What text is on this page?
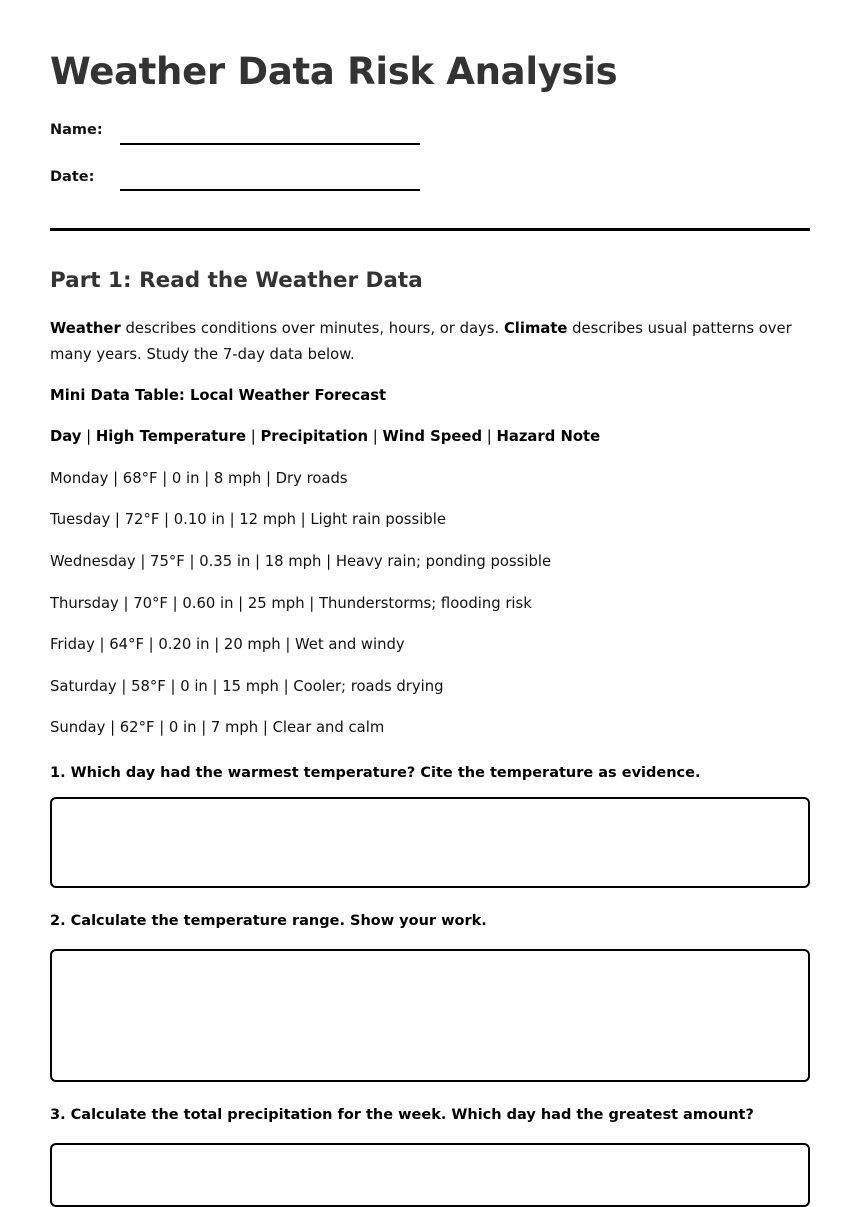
Weather Data Risk Analysis
Name:
Date:
Part 1: Read the Weather Data
Weather describes conditions over minutes, hours, or days. Climate describes usual patterns over many years. Study the 7-day data below.
Mini Data Table: Local Weather Forecast
Day | High Temperature | Precipitation | Wind Speed | Hazard Note
Monday | 68°F | 0 in | 8 mph | Dry roads
Tuesday | 72°F | 0.10 in | 12 mph | Light rain possible
Wednesday | 75°F | 0.35 in | 18 mph | Heavy rain; ponding possible
Thursday | 70°F | 0.60 in | 25 mph | Thunderstorms; flooding risk
Friday | 64°F | 0.20 in | 20 mph | Wet and windy
Saturday | 58°F | 0 in | 15 mph | Cooler; roads drying
Sunday | 62°F | 0 in | 7 mph | Clear and calm
1. Which day had the warmest temperature? Cite the temperature as evidence.
2. Calculate the temperature range. Show your work.
3. Calculate the total precipitation for the week. Which day had the greatest amount?
